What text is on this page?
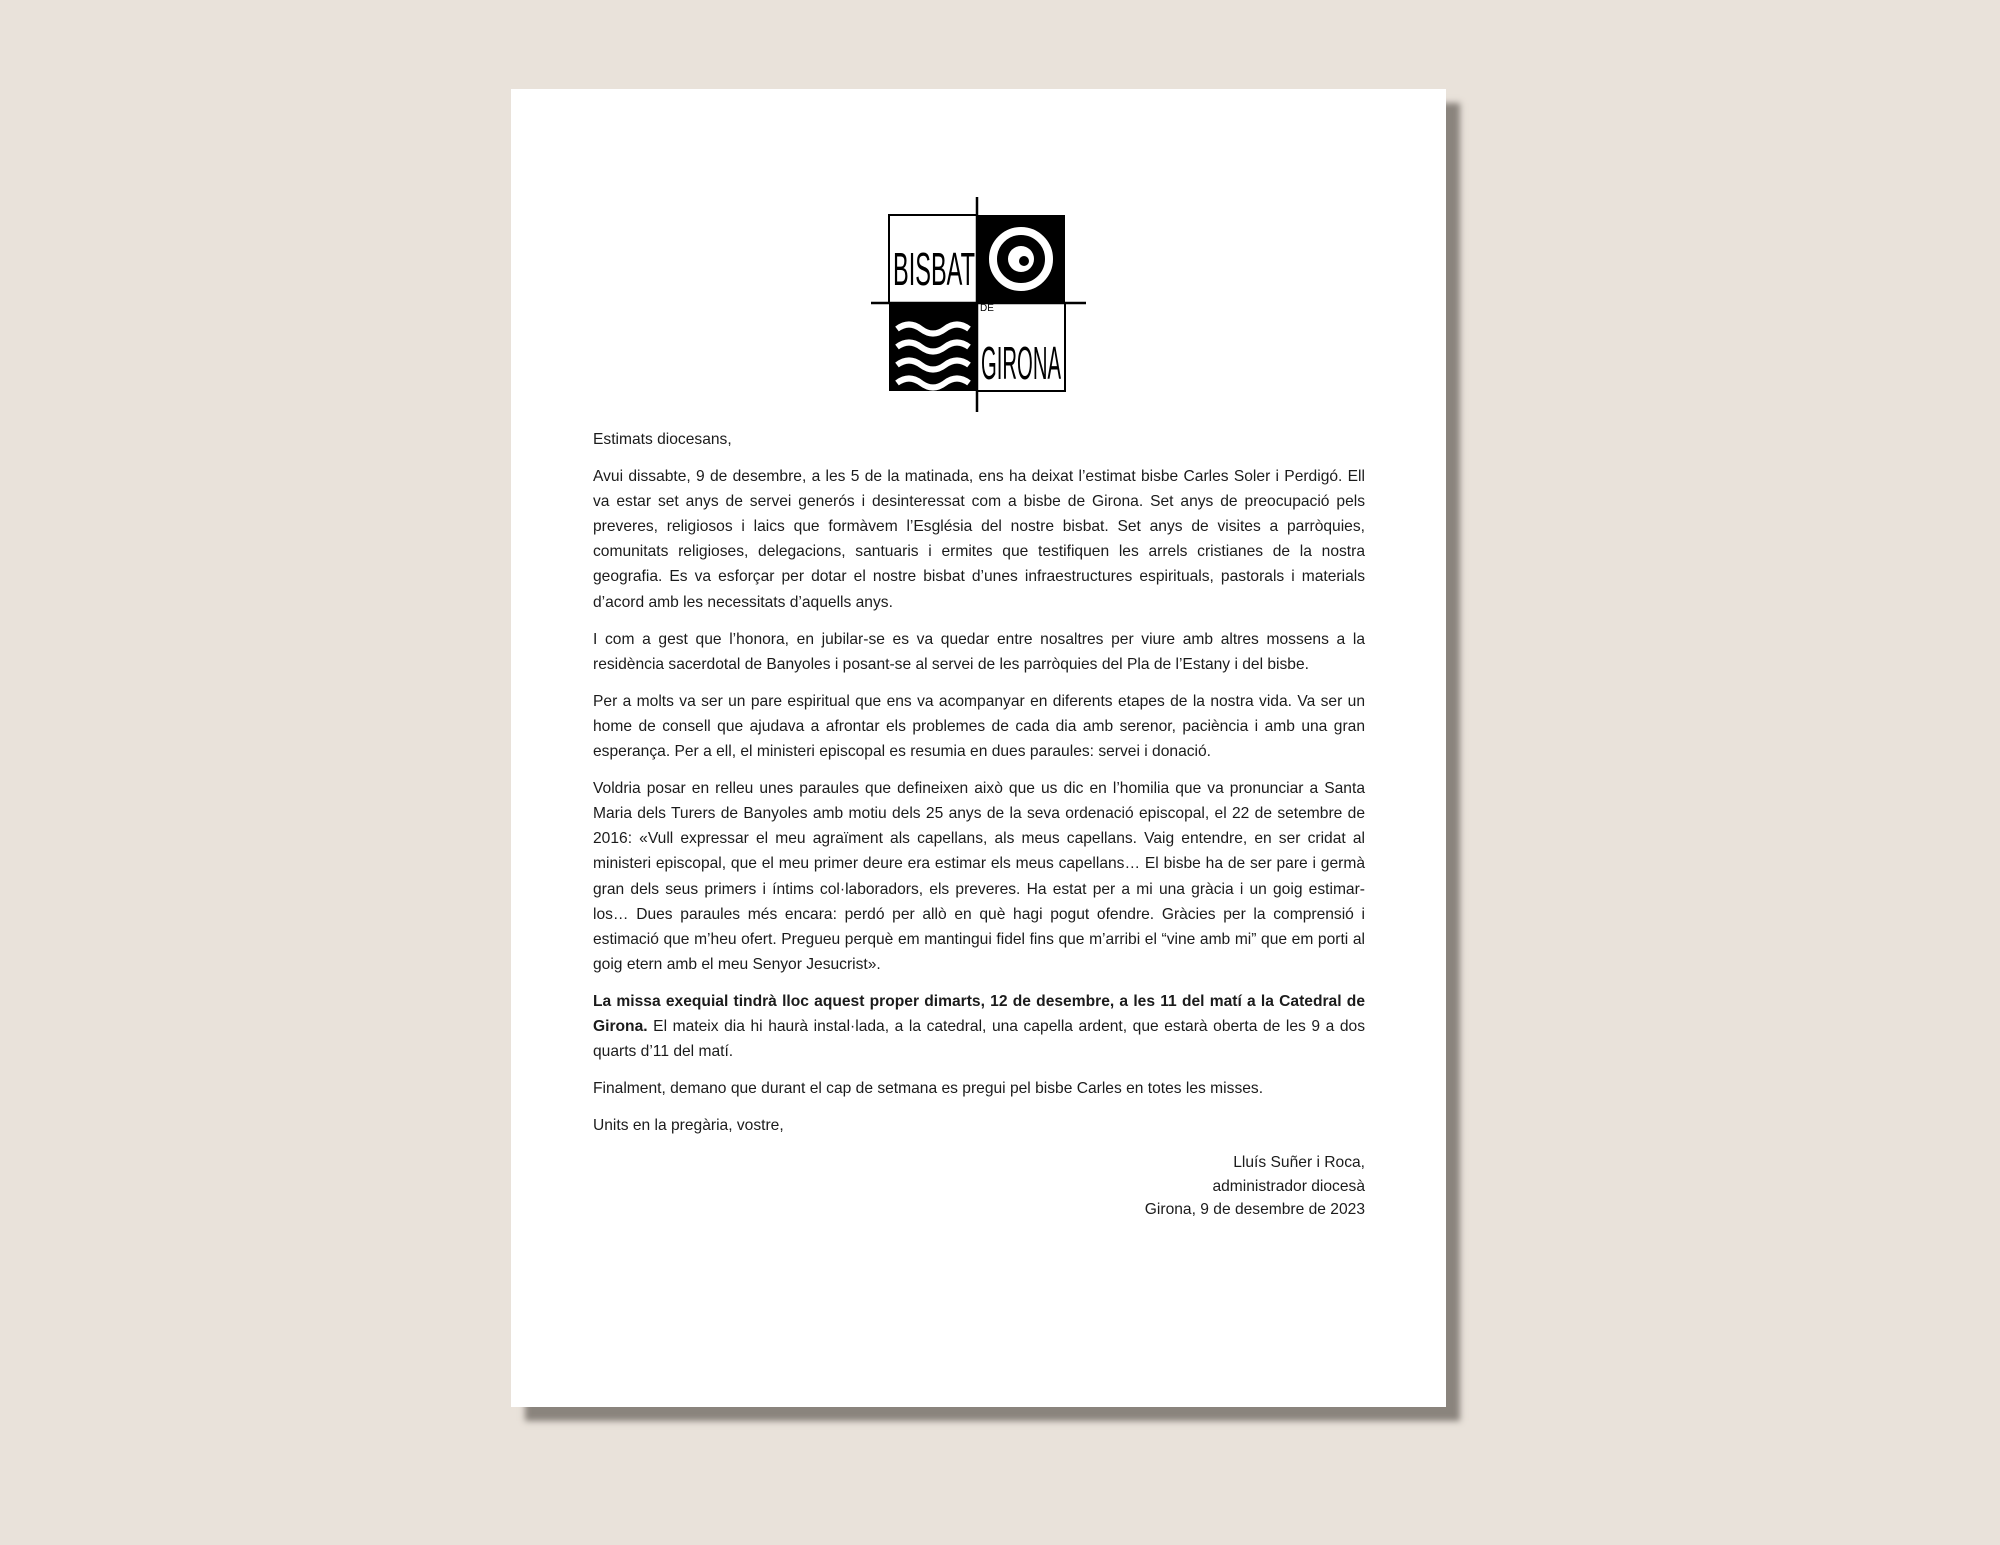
BISBAT
DE
GIRONA

Estimats diocesans,

Avui dissabte, 9 de desembre, a les 5 de la matinada, ens ha deixat l’estimat bisbe Carles Soler i Perdigó. Ell va estar set anys de servei generós i desinteressat com a bisbe de Girona. Set anys de preocupació pels preveres, religiosos i laics que formàvem l’Església del nostre bisbat. Set anys de visites a parròquies, comunitats religioses, delegacions, santuaris i ermites que testifiquen les arrels cristianes de la nostra geografia. Es va esforçar per dotar el nostre bisbat d’unes infraestructures espirituals, pastorals i materials d’acord amb les necessitats d’aquells anys.

I com a gest que l’honora, en jubilar-se es va quedar entre nosaltres per viure amb altres mossens a la residència sacerdotal de Banyoles i posant-se al servei de les parròquies del Pla de l’Estany i del bisbe.

Per a molts va ser un pare espiritual que ens va acompanyar en diferents etapes de la nostra vida. Va ser un home de consell que ajudava a afrontar els problemes de cada dia amb serenor, paciència i amb una gran esperança. Per a ell, el ministeri episcopal es resumia en dues paraules: servei i donació.

Voldria posar en relleu unes paraules que defineixen això que us dic en l’homilia que va pronunciar a Santa Maria dels Turers de Banyoles amb motiu dels 25 anys de la seva ordenació episcopal, el 22 de setembre de 2016: «Vull expressar el meu agraïment als capellans, als meus capellans. Vaig entendre, en ser cridat al ministeri episcopal, que el meu primer deure era estimar els meus capellans… El bisbe ha de ser pare i germà gran dels seus primers i íntims col·laboradors, els preveres. Ha estat per a mi una gràcia i un goig estimar-los… Dues paraules més encara: perdó per allò en què hagi pogut ofendre. Gràcies per la comprensió i estimació que m’heu ofert. Pregueu perquè em mantingui fidel fins que m’arribi el “vine amb mi” que em porti al goig etern amb el meu Senyor Jesucrist».

La missa exequial tindrà lloc aquest proper dimarts, 12 de desembre, a les 11 del matí a la Catedral de Girona. El mateix dia hi haurà instal·lada, a la catedral, una capella ardent, que estarà oberta de les 9 a dos quarts d’11 del matí.

Finalment, demano que durant el cap de setmana es pregui pel bisbe Carles en totes les misses.

Units en la pregària, vostre,

Lluís Suñer i Roca,
administrador diocesà
Girona, 9 de desembre de 2023
